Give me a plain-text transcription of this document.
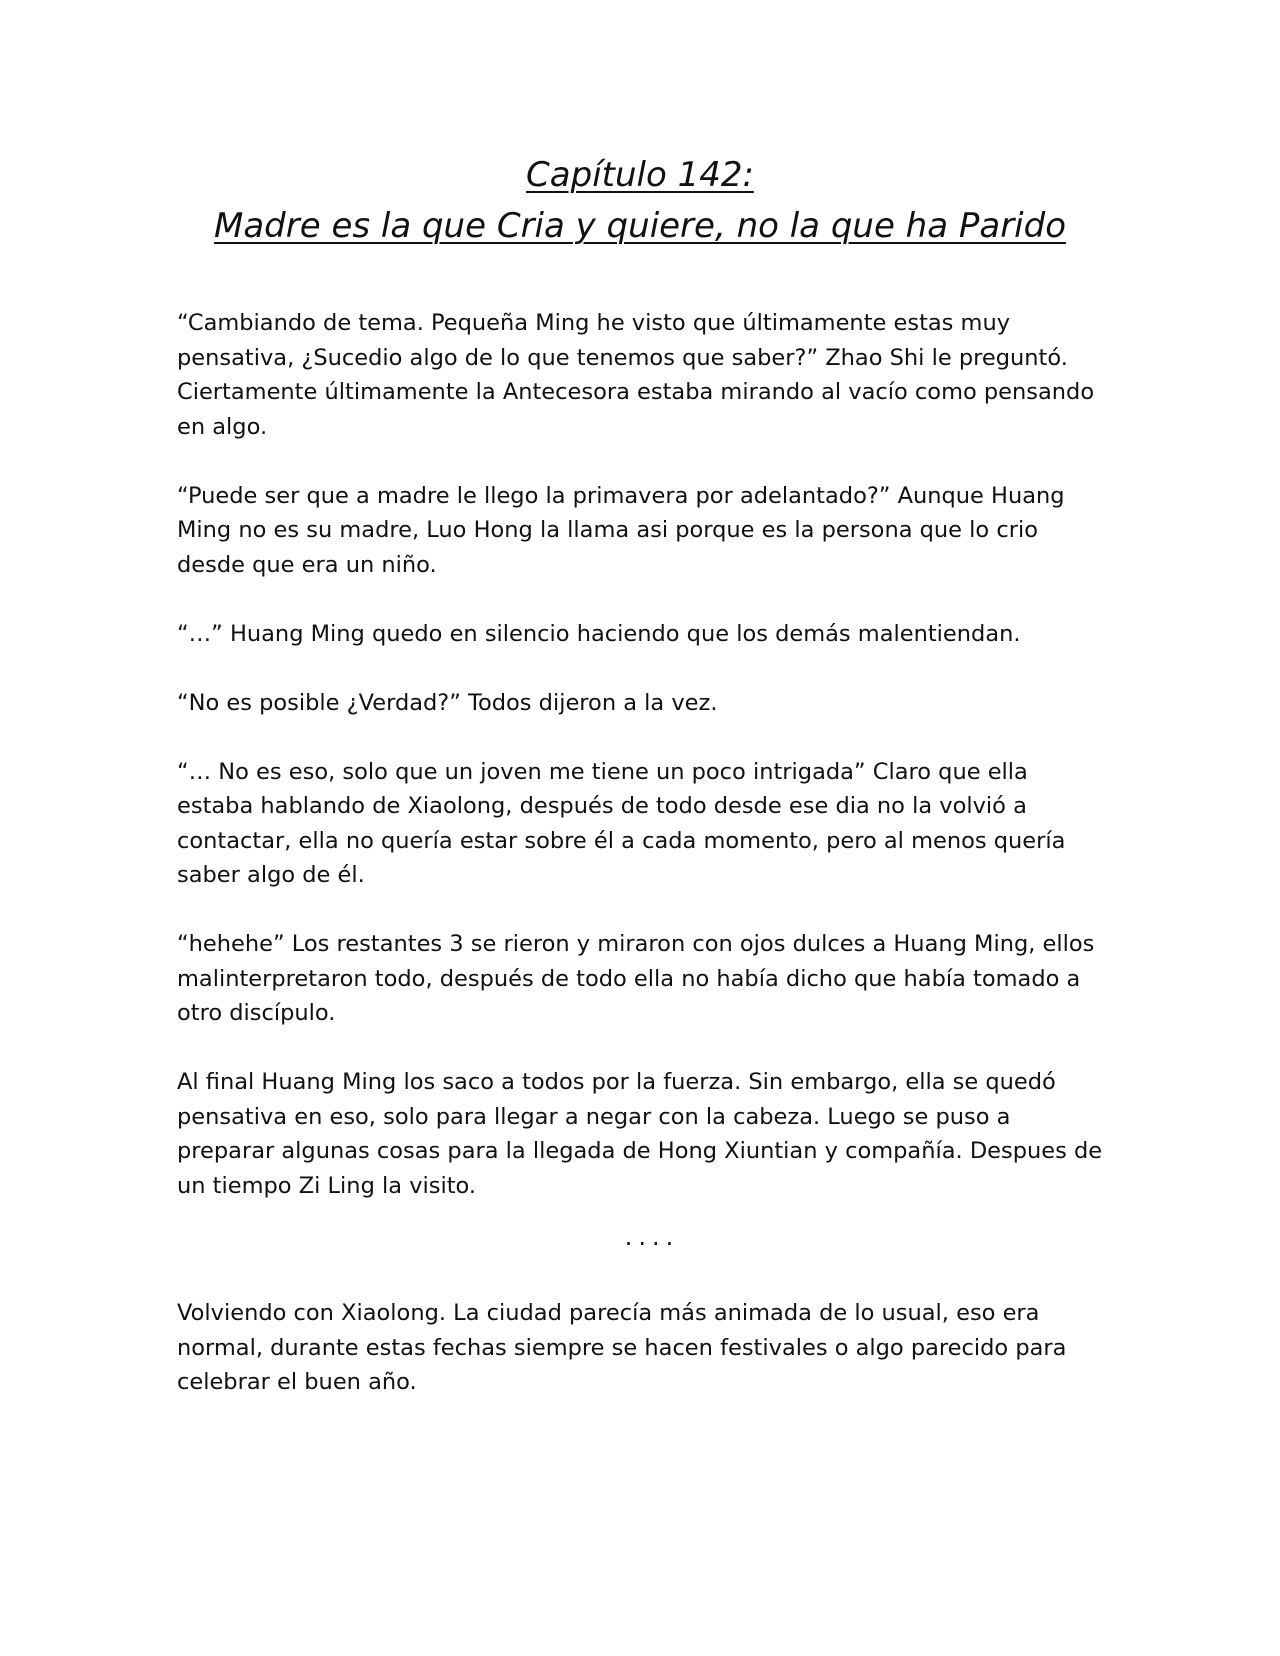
Capítulo 142:
Madre es la que Cria y quiere, no la que ha Parido

“Cambiando de tema. Pequeña Ming he visto que últimamente estas muy pensativa, ¿Sucedio algo de lo que tenemos que saber?” Zhao Shi le preguntó. Ciertamente últimamente la Antecesora estaba mirando al vacío como pensando en algo.

“Puede ser que a madre le llego la primavera por adelantado?” Aunque Huang Ming no es su madre, Luo Hong la llama asi porque es la persona que lo crio desde que era un niño.

“…” Huang Ming quedo en silencio haciendo que los demás malentiendan.

“No es posible ¿Verdad?” Todos dijeron a la vez.

“… No es eso, solo que un joven me tiene un poco intrigada” Claro que ella estaba hablando de Xiaolong, después de todo desde ese dia no la volvió a contactar, ella no quería estar sobre él a cada momento, pero al menos quería saber algo de él.

“hehehe” Los restantes 3 se rieron y miraron con ojos dulces a Huang Ming, ellos malinterpretaron todo, después de todo ella no había dicho que había tomado a otro discípulo.

Al final Huang Ming los saco a todos por la fuerza. Sin embargo, ella se quedó pensativa en eso, solo para llegar a negar con la cabeza. Luego se puso a preparar algunas cosas para la llegada de Hong Xiuntian y compañía. Despues de un tiempo Zi Ling la visito.

....

Volviendo con Xiaolong. La ciudad parecía más animada de lo usual, eso era normal, durante estas fechas siempre se hacen festivales o algo parecido para celebrar el buen año.
